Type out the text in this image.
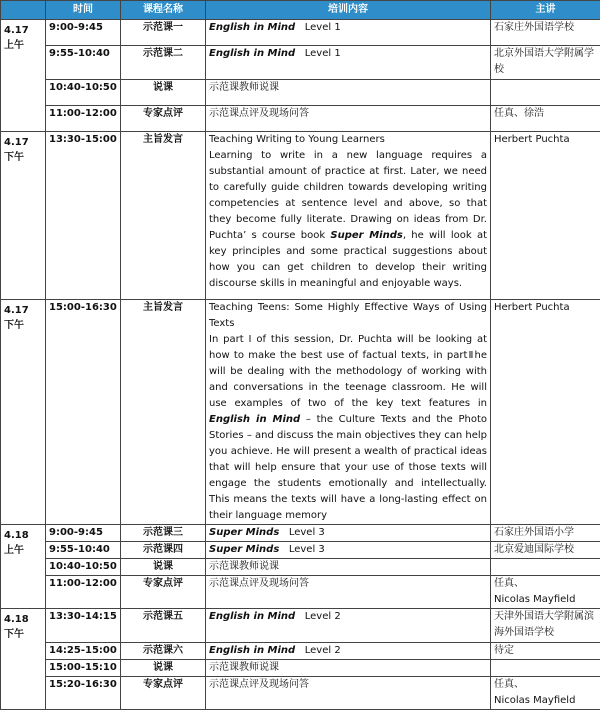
	时间	课程名称	培训内容	主讲
4.17
上午	9:00-9:45	示范课一	English in Mind Level 1	石家庄外国语学校
	9:55-10:40	示范课二	English in Mind Level 1	北京外国语大学附属学校
	10:40-10:50	说课	示范课教师说课	
	11:00-12:00	专家点评	示范课点评及现场问答	任真、徐浩
4.17
下午	13:30-15:00	主旨发言	Teaching Writing to Young Learners
Learning to write in a new language requires a substantial amount of practice at first. Later, we need to carefully guide children towards developing writing competencies at sentence level and above, so that they become fully literate. Drawing on ideas from Dr. Puchta’ s course book Super Minds, he will look at key principles and some practical suggestions about how you can get children to develop their writing discourse skills in meaningful and enjoyable ways.	Herbert Puchta
4.17
下午	15:00-16:30	主旨发言	Teaching Teens: Some Highly Effective Ways of Using Texts
In part I of this session, Dr. Puchta will be looking at how to make the best use of factual texts, in partⅡhe will be dealing with the methodology of working with and conversations in the teenage classroom. He will use examples of two of the key text features in English in Mind – the Culture Texts and the Photo Stories – and discuss the main objectives they can help you achieve. He will present a wealth of practical ideas that will help ensure that your use of those texts will engage the students emotionally and intellectually. This means the texts will have a long-lasting effect on their language memory	Herbert Puchta
4.18
上午	9:00-9:45	示范课三	Super Minds Level 3	石家庄外国语小学
	9:55-10:40	示范课四	Super Minds Level 3	北京爱迪国际学校
	10:40-10:50	说课	示范课教师说课	
	11:00-12:00	专家点评	示范课点评及现场问答	任真、
Nicolas Mayfield
4.18
下午	13:30-14:15	示范课五	English in Mind Level 2	天津外国语大学附属滨海外国语学校
	14:25-15:00	示范课六	English in Mind Level 2	待定
	15:00-15:10	说课	示范课教师说课	
	15:20-16:30	专家点评	示范课点评及现场问答	任真、
Nicolas Mayfield
